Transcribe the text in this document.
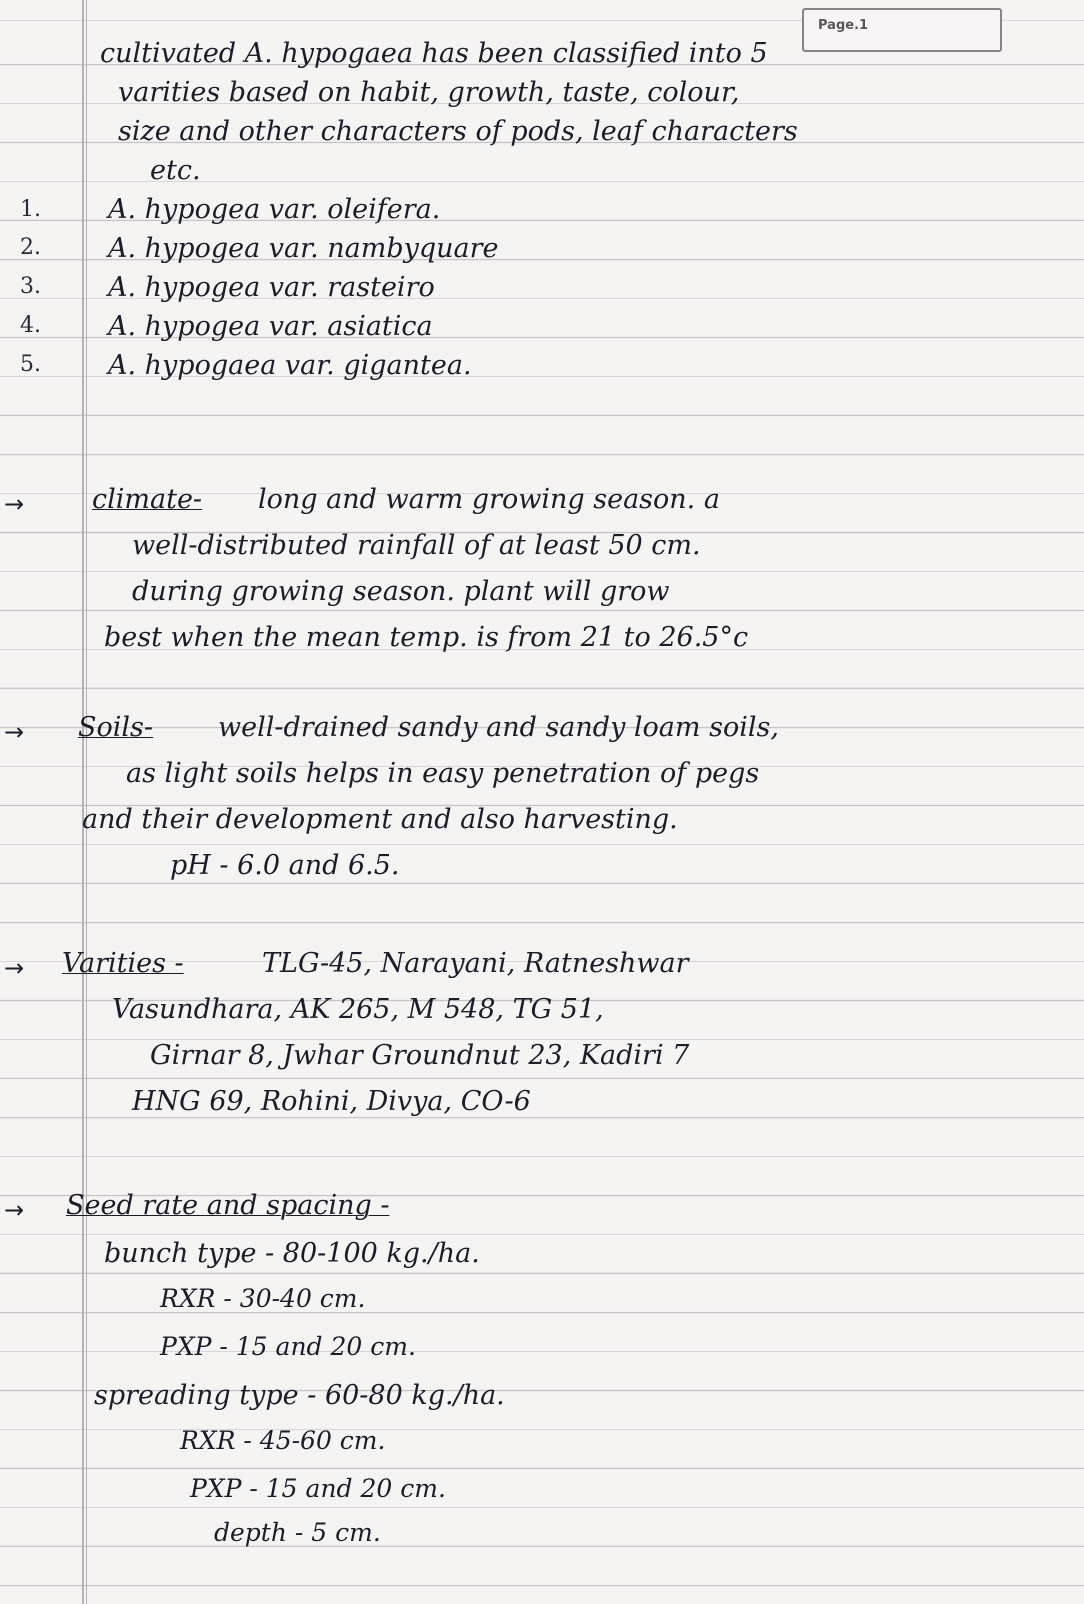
Page.1
cultivated A. hypogaea has been classified into 5
varities based on habit, growth, taste, colour,
size and other characters of pods, leaf characters
etc.
1. A. hypogea var. oleifera.
2. A. hypogea var. nambyquare
3. A. hypogea var. rasteiro
4. A. hypogea var. asiatica
5. A. hypogaea var. gigantea.
→	climate- long and warm growing season. a
well-distributed rainfall of at least 50 cm.
during growing season. plant will grow
best when the mean temp. is from 21 to 26.5°c
→ Soils- well-drained sandy and sandy loam soils,
as light soils helps in easy penetration of pegs
and their development and also harvesting.
pH - 6.0 and 6.5.
→ Varities -	TLG-45, Narayani, Ratneshwar
Vasundhara, AK 265, M 548, TG 51,
Girnar 8, Jwhar Groundnut 23, Kadiri 7
HNG 69, Rohini, Divya, CO-6
→ Seed rate and spacing -
bunch type - 80-100 kg./ha.
RXR - 30-40 cm.
PXP - 15 and 20 cm.
spreading type - 60-80 kg./ha.
RXR - 45-60 cm.
PXP - 15 and 20 cm.
depth - 5 cm.
